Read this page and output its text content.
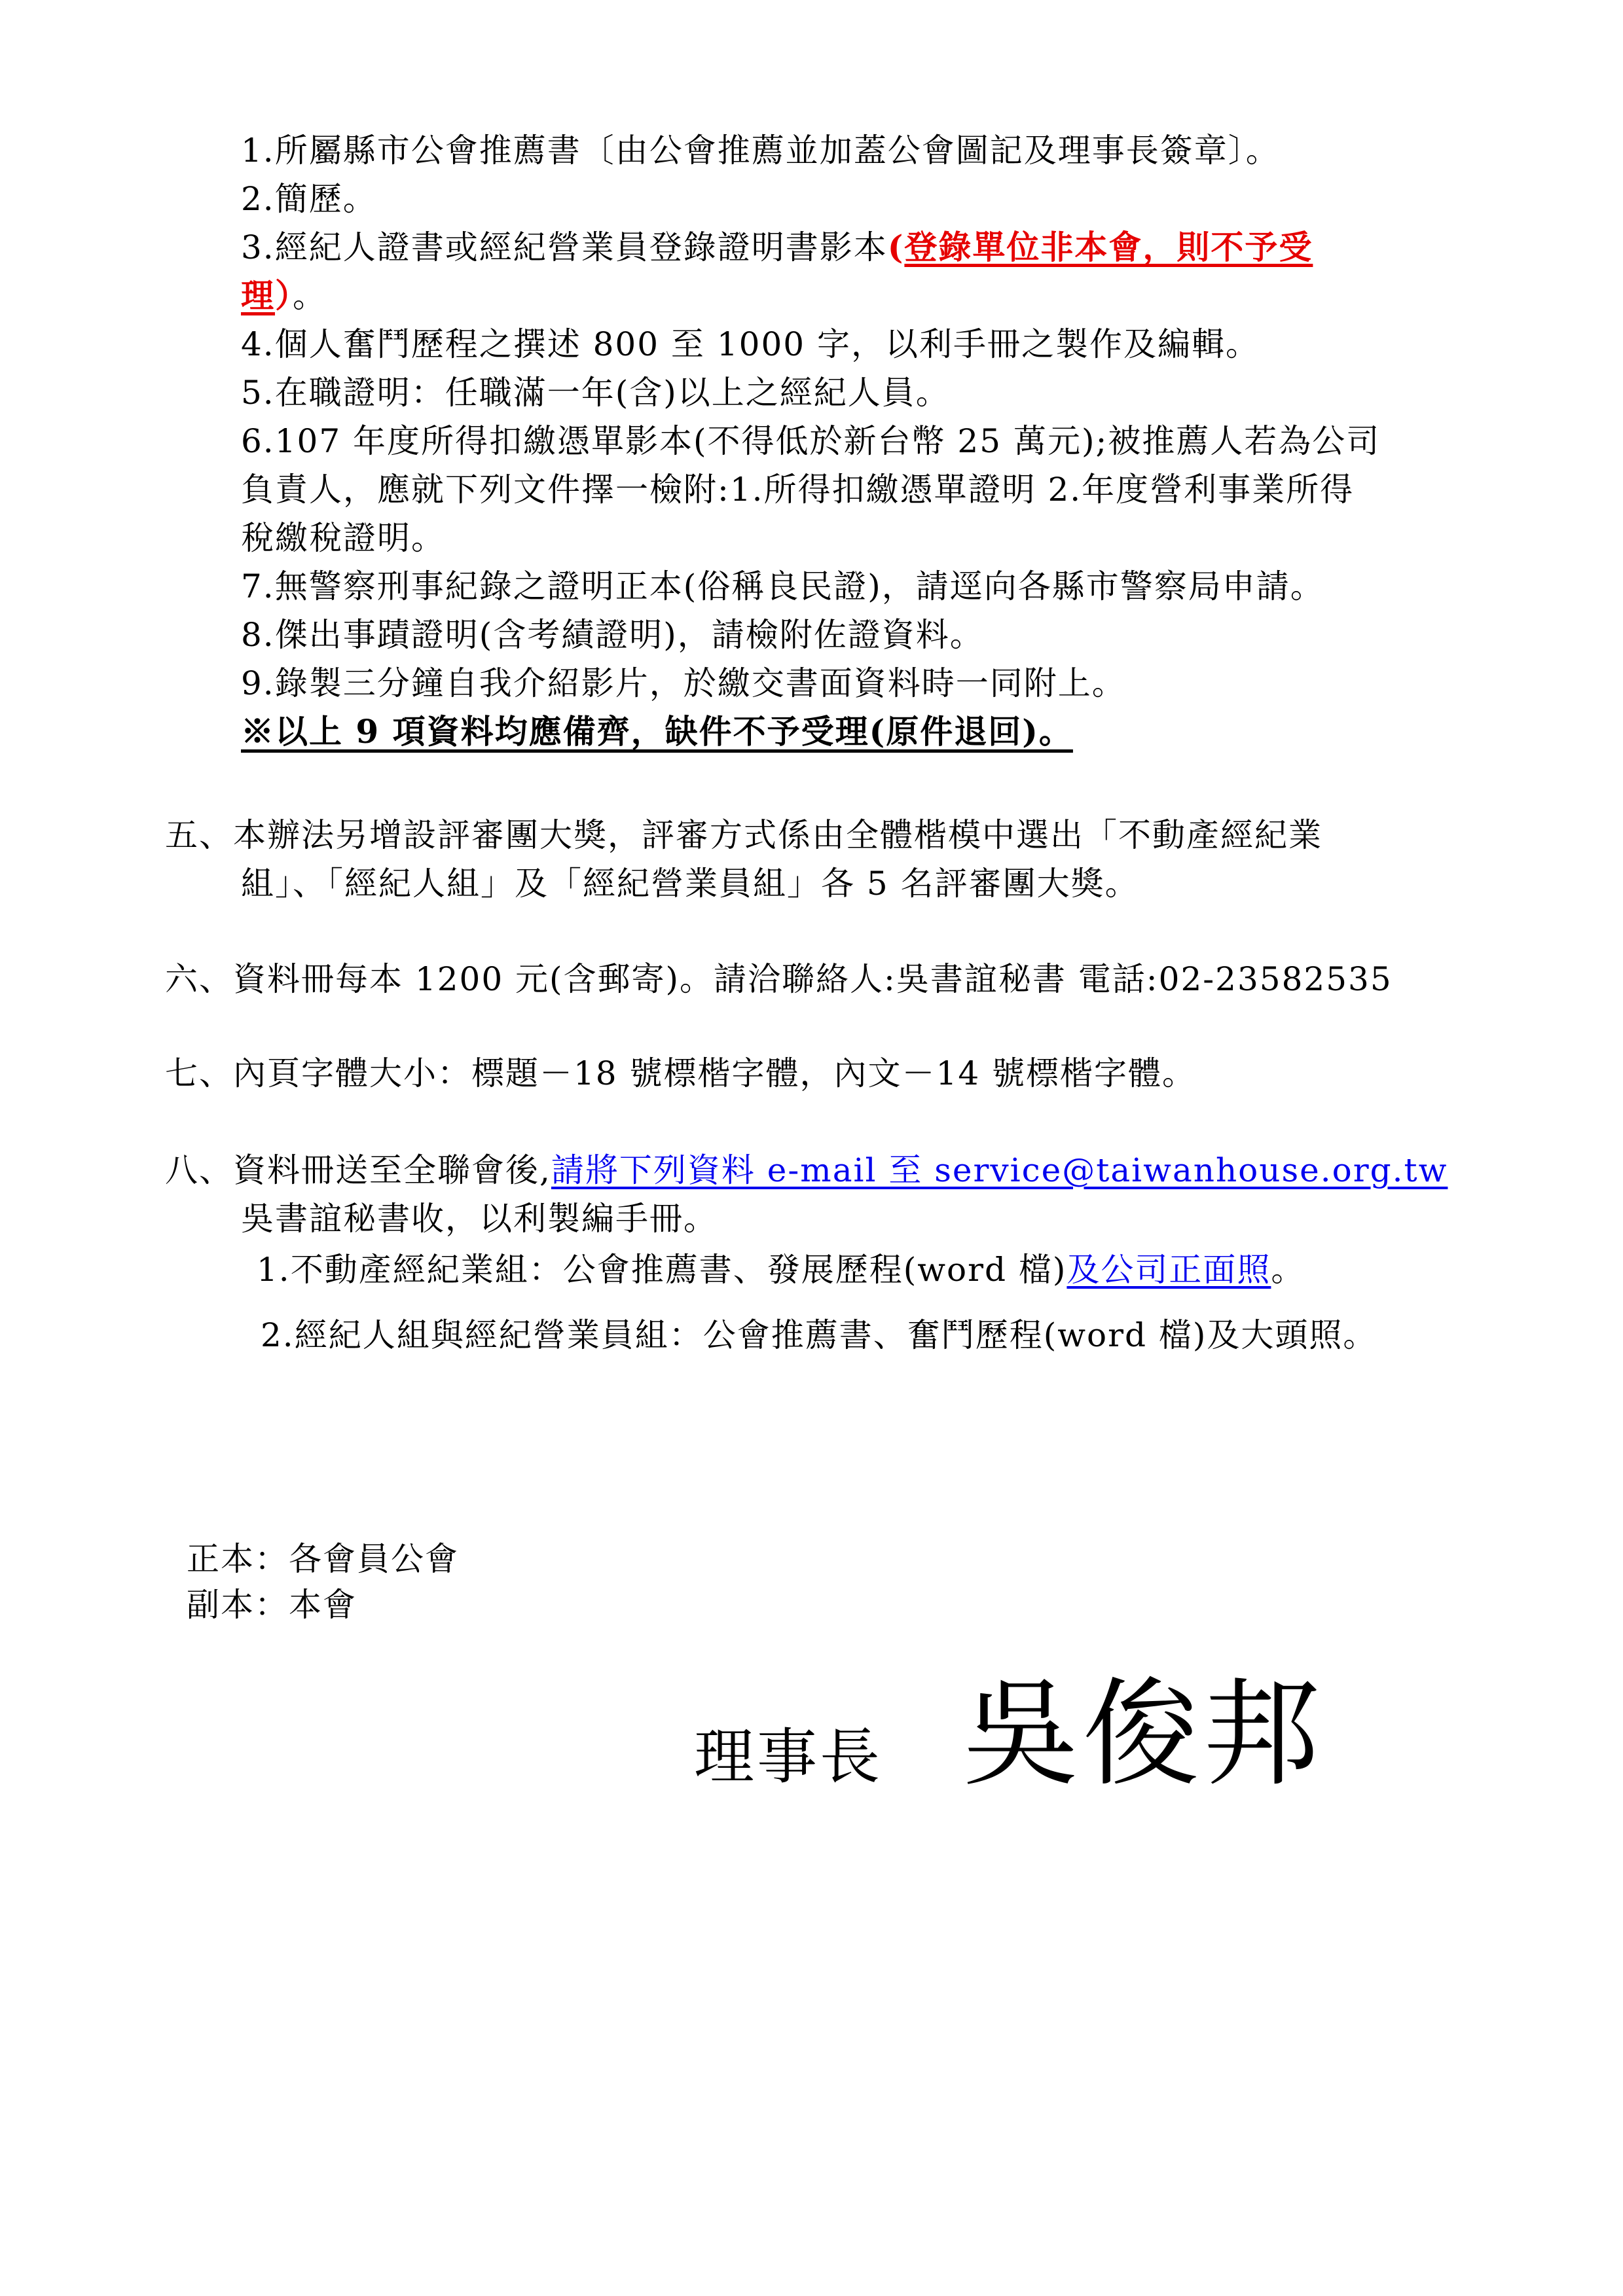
1.所屬縣市公會推薦書〔由公會推薦並加蓋公會圖記及理事長簽章〕。
2.簡歷。
3.經紀人證書或經紀營業員登錄證明書影本(登錄單位非本會，則不予受
理）。
4.個人奮鬥歷程之撰述 800 至 1000 字，以利手冊之製作及編輯。
5.在職證明：任職滿一年(含)以上之經紀人員。
6.107 年度所得扣繳憑單影本(不得低於新台幣 25 萬元);被推薦人若為公司
負責人，應就下列文件擇一檢附:1.所得扣繳憑單證明 2.年度營利事業所得
稅繳稅證明。
7.無警察刑事紀錄之證明正本(俗稱良民證)，請逕向各縣市警察局申請。
8.傑出事蹟證明(含考績證明)，請檢附佐證資料。
9.錄製三分鐘自我介紹影片，於繳交書面資料時一同附上。
※以上 9 項資料均應備齊，缺件不予受理(原件退回)。
五、本辦法另增設評審團大獎，評審方式係由全體楷模中選出「不動產經紀業
組」、「經紀人組」及「經紀營業員組」各 5 名評審團大獎。
六、資料冊每本 1200 元(含郵寄)。請洽聯絡人:吳書誼秘書 電話:02-23582535
七、內頁字體大小：標題－18 號標楷字體，內文－14 號標楷字體。
八、資料冊送至全聯會後,請將下列資料 e-mail 至 service@taiwanhouse.org.tw
吳書誼秘書收，以利製編手冊。
1.不動產經紀業組：公會推薦書、發展歷程(word 檔)及公司正面照。
2.經紀人組與經紀營業員組：公會推薦書、奮鬥歷程(word 檔)及大頭照。
正本：各會員公會
副本：本會
理事長 吳俊邦
